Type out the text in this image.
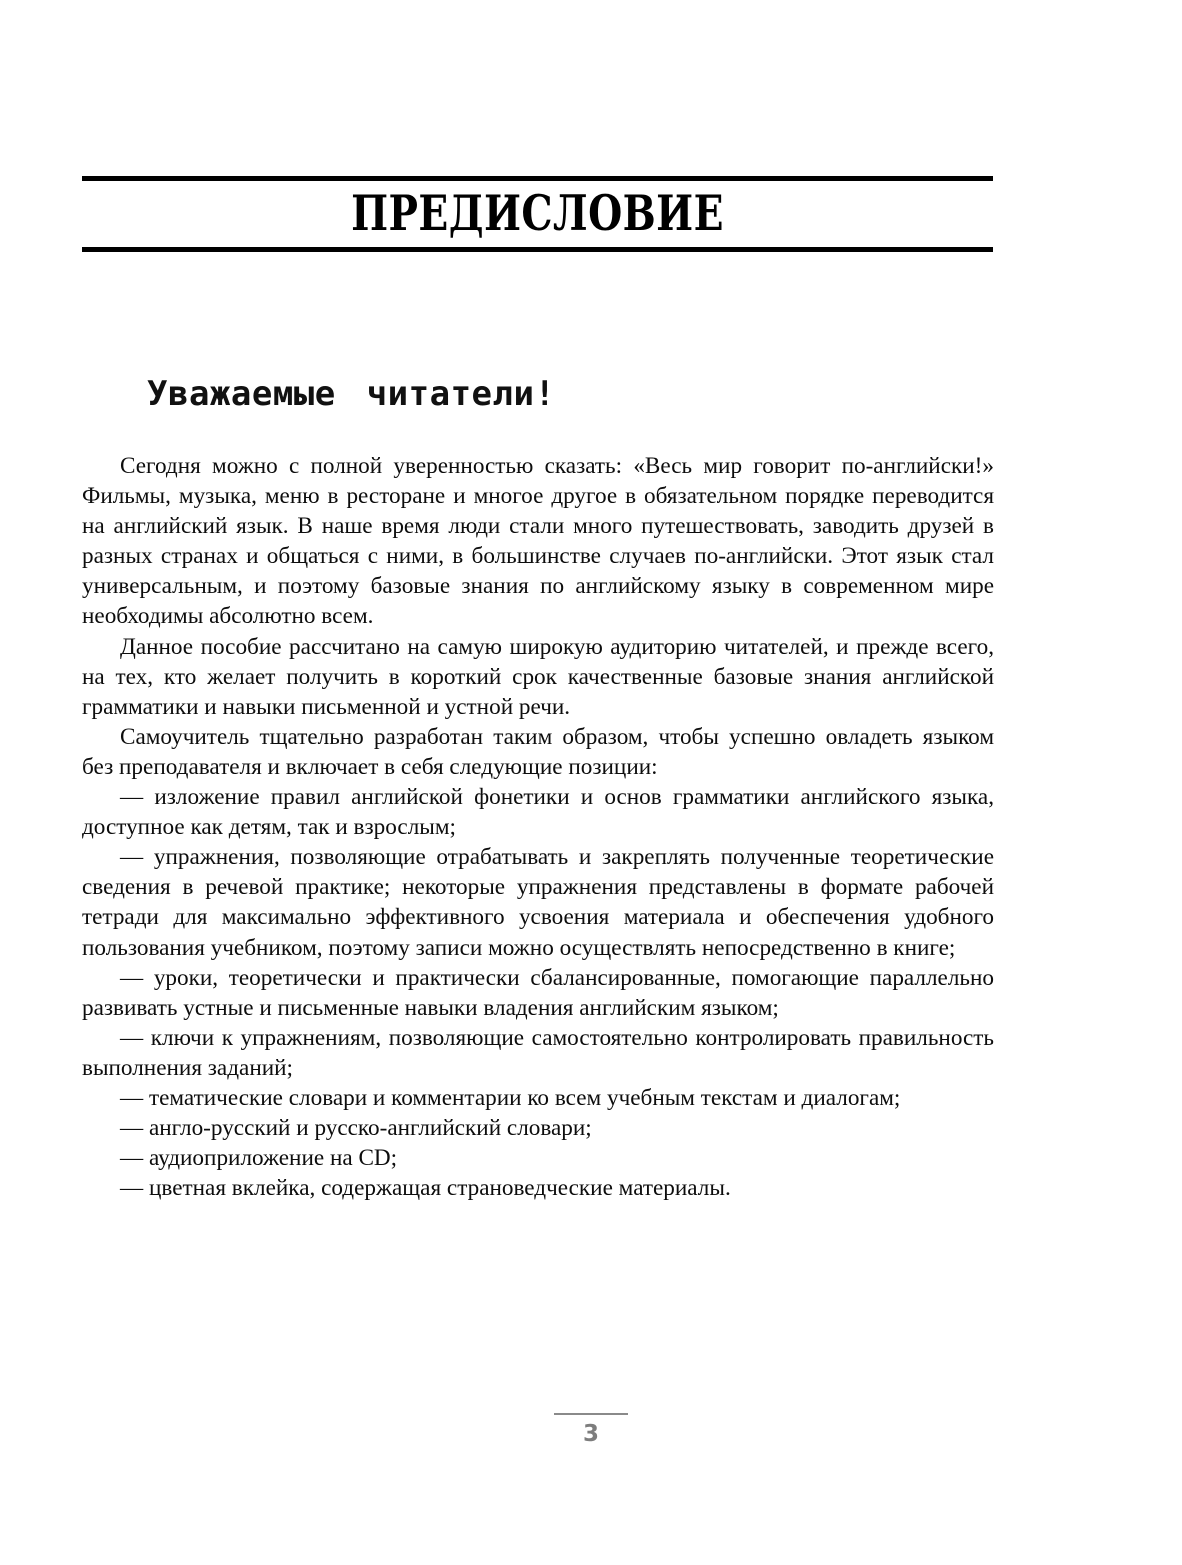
ПРЕДИСЛОВИЕ
Уважаемые читатели!

Сегодня можно с полной уверенностью сказать: «Весь мир говорит по-английски!» Фильмы, музыка, меню в ресторане и многое другое в обязательном порядке переводится на английский язык. В наше время люди стали много путешествовать, заводить друзей в разных странах и общаться с ними, в большинстве случаев по-английски. Этот язык стал универсальным, и поэтому базовые знания по английскому языку в современном мире необходимы абсолютно всем.

Данное пособие рассчитано на самую широкую аудиторию читателей, и прежде всего, на тех, кто желает получить в короткий срок качественные базовые знания английской грамматики и навыки письменной и устной речи.

Самоучитель тщательно разработан таким образом, чтобы успешно овладеть языком без преподавателя и включает в себя следующие позиции:

— изложение правил английской фонетики и основ грамматики английского языка, доступное как детям, так и взрослым;

— упражнения, позволяющие отрабатывать и закреплять полученные теоретические сведения в речевой практике; некоторые упражнения представлены в формате рабочей тетради для максимально эффективного усвоения материала и обеспечения удобного пользования учебником, поэтому записи можно осуществлять непосредственно в книге;

— уроки, теоретически и практически сбалансированные, помогающие параллельно развивать устные и письменные навыки владения английским языком;

— ключи к упражнениям, позволяющие самостоятельно контролировать правильность выполнения заданий;

— тематические словари и комментарии ко всем учебным текстам и диалогам;

— англо-русский и русско-английский словари;

— аудиоприложение на CD;

— цветная вклейка, содержащая страноведческие материалы.

3
